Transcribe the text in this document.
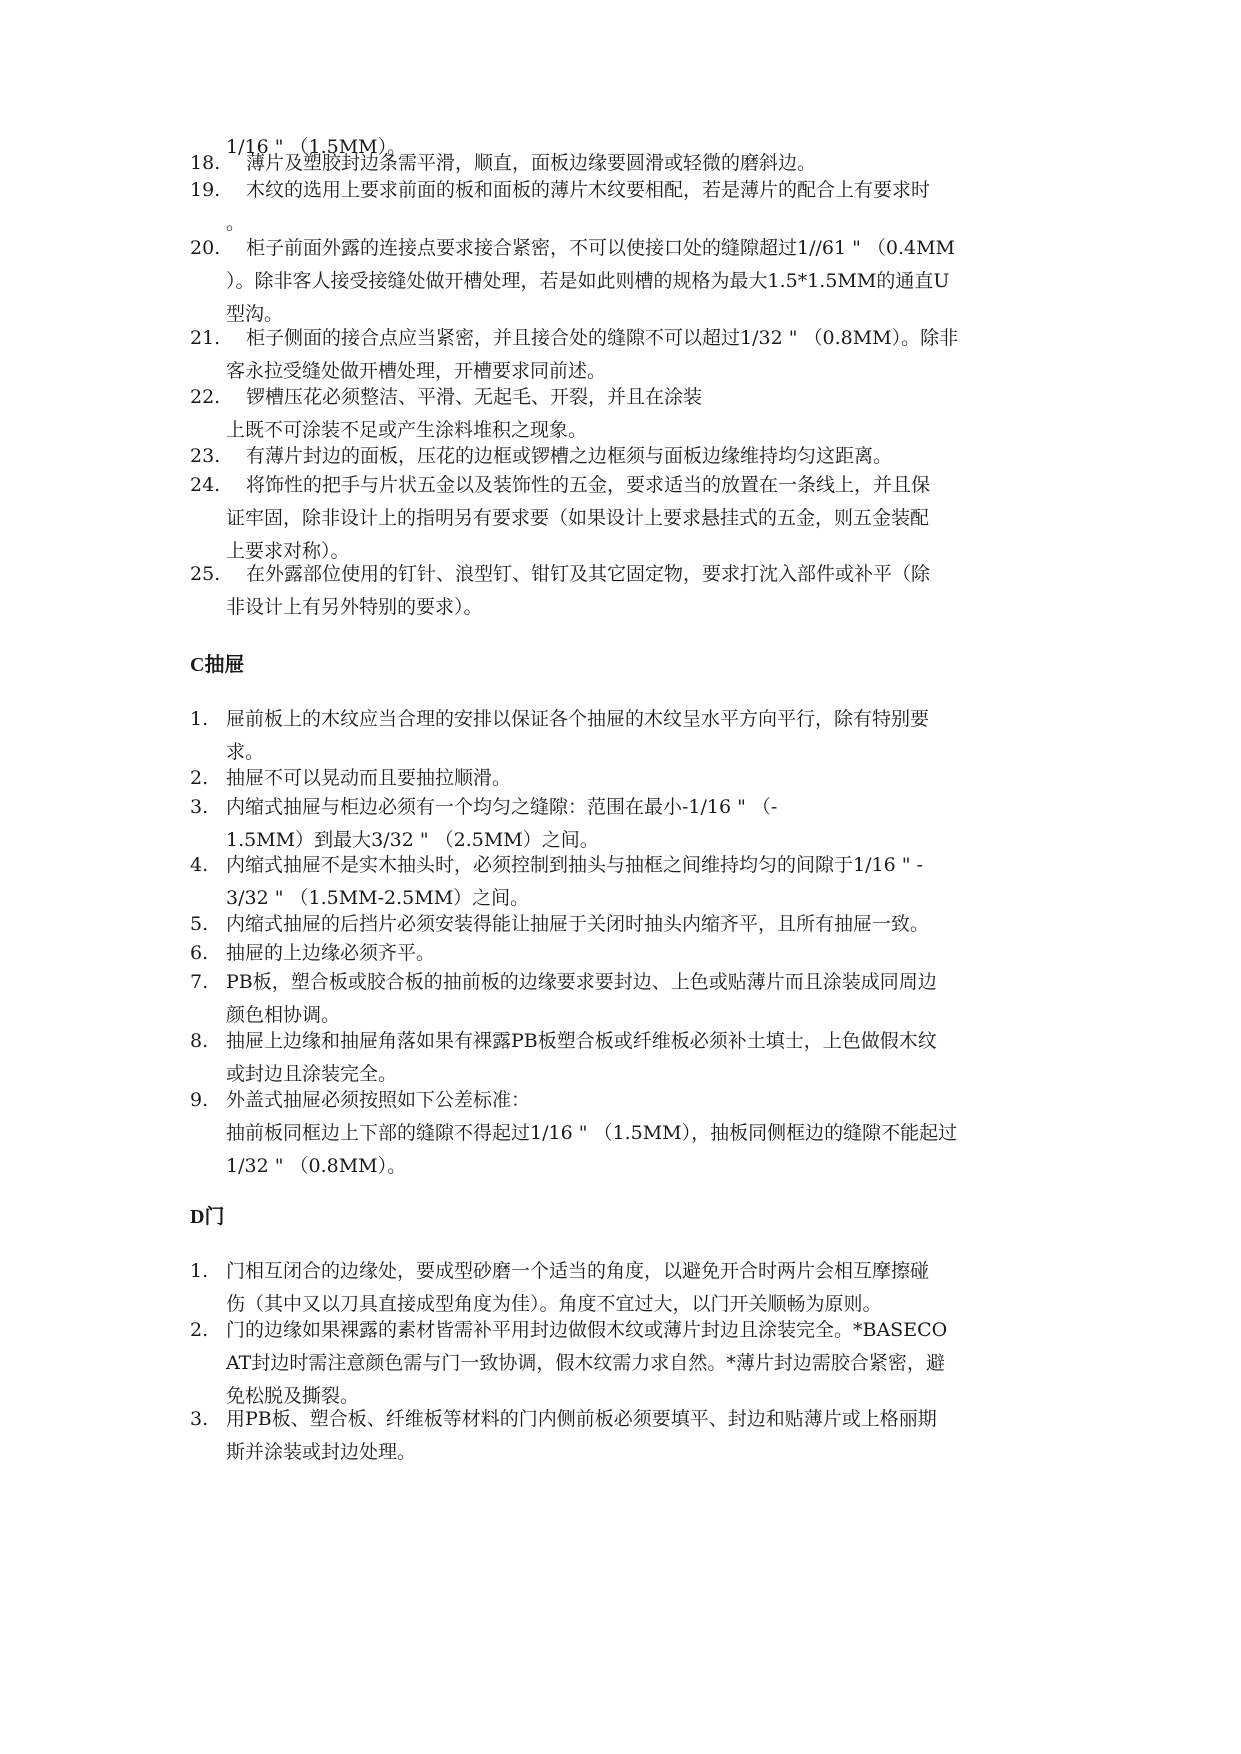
1/16 " （1.5MM）。
18.	薄片及塑胶封边条需平滑，顺直，面板边缘要圆滑或轻微的磨斜边。
19.	木纹的选用上要求前面的板和面板的薄片木纹要相配，若是薄片的配合上有要求时
。
20.	柜子前面外露的连接点要求接合紧密，不可以使接口处的缝隙超过1//61 " （0.4MM
）。除非客人接受接缝处做开槽处理，若是如此则槽的规格为最大1.5*1.5MM的通直U
型沟。
21.	柜子侧面的接合点应当紧密，并且接合处的缝隙不可以超过1/32 " （0.8MM）。除非
客永拉受缝处做开槽处理，开槽要求同前述。
22.	锣槽压花必须整洁、平滑、无起毛、开裂，并且在涂装
上既不可涂装不足或产生涂料堆积之现象。
23.	有薄片封边的面板，压花的边框或锣槽之边框须与面板边缘维持均匀这距离。
24.	将饰性的把手与片状五金以及装饰性的五金，要求适当的放置在一条线上，并且保
证牢固，除非设计上的指明另有要求要（如果设计上要求悬挂式的五金，则五金装配
上要求对称）。
25.	在外露部位使用的钉针、浪型钉、钳钉及其它固定物，要求打沈入部件或补平（除
非设计上有另外特别的要求）。
C抽屉
1. 屉前板上的木纹应当合理的安排以保证各个抽屉的木纹呈水平方向平行，除有特别要
求。
2. 抽屉不可以晃动而且要抽拉顺滑。
3. 内缩式抽屉与柜边必须有一个均匀之缝隙：范围在最小-1/16 " （-
1.5MM）到最大3/32 " （2.5MM）之间。
4. 内缩式抽屉不是实木抽头时，必须控制到抽头与抽框之间维持均匀的间隙于1/16 " -
3/32 " （1.5MM-2.5MM）之间。
5. 内缩式抽屉的后挡片必须安装得能让抽屉于关闭时抽头内缩齐平，且所有抽屉一致。
6. 抽屉的上边缘必须齐平。
7. PB板，塑合板或胶合板的抽前板的边缘要求要封边、上色或贴薄片而且涂装成同周边
颜色相协调。
8. 抽屉上边缘和抽屉角落如果有裸露PB板塑合板或纤维板必须补土填士，上色做假木纹
或封边且涂装完全。
9. 外盖式抽屉必须按照如下公差标准：
抽前板同框边上下部的缝隙不得起过1/16 " （1.5MM），抽板同侧框边的缝隙不能起过
1/32 " （0.8MM）。
D门
1. 门相互闭合的边缘处，要成型砂磨一个适当的角度，以避免开合时两片会相互摩擦碰
伤（其中又以刀具直接成型角度为佳）。角度不宜过大，以门开关顺畅为原则。
2. 门的边缘如果裸露的素材皆需补平用封边做假木纹或薄片封边且涂装完全。*BASECO
AT封边时需注意颜色需与门一致协调，假木纹需力求自然。*薄片封边需胶合紧密，避
免松脱及撕裂。
3. 用PB板、塑合板、纤维板等材料的门内侧前板必须要填平、封边和贴薄片或上格丽期
斯并涂装或封边处理。
